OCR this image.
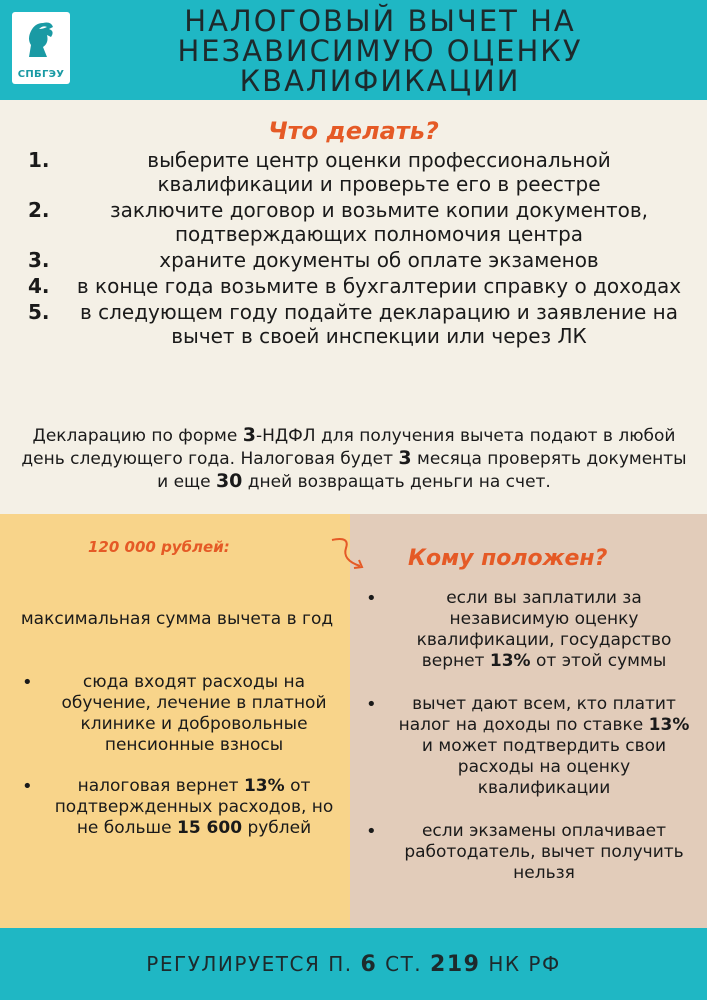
СПБГЭУ
НАЛОГОВЫЙ ВЫЧЕТ НА НЕЗАВИСИМУЮ ОЦЕНКУ КВАЛИФИКАЦИИ
Что делать?
1.	выберите центр оценки профессиональной квалификации и проверьте его в реестре
2.	заключите договор и возьмите копии документов, подтверждающих полномочия центра
3.	храните документы об оплате экзаменов
4. в конце года возьмите в бухгалтерии справку о доходах
5. в следующем году подайте декларацию и заявление на вычет в своей инспекции или через ЛК

Декларацию по форме 3-НДФЛ для получения вычета подают в любой день следующего года. Налоговая будет 3 месяца проверять документы и еще 30 дней возвращать деньги на счет.

120 000 рублей:	Кому положен?

максимальная сумма вычета в год

• сюда входят расходы на обучение, лечение в платной клинике и добровольные пенсионные взносы
• налоговая вернет 13% от подтвержденных расходов, но не больше 15 600 рублей
• если вы заплатили за независимую оценку квалификации, государство вернет 13% от этой суммы
• вычет дают всем, кто платит налог на доходы по ставке 13% и может подтвердить свои расходы на оценку квалификации
• если экзамены оплачивает работодатель, вычет получить нельзя

РЕГУЛИРУЕТСЯ П. 6 СТ. 219 НК РФ
